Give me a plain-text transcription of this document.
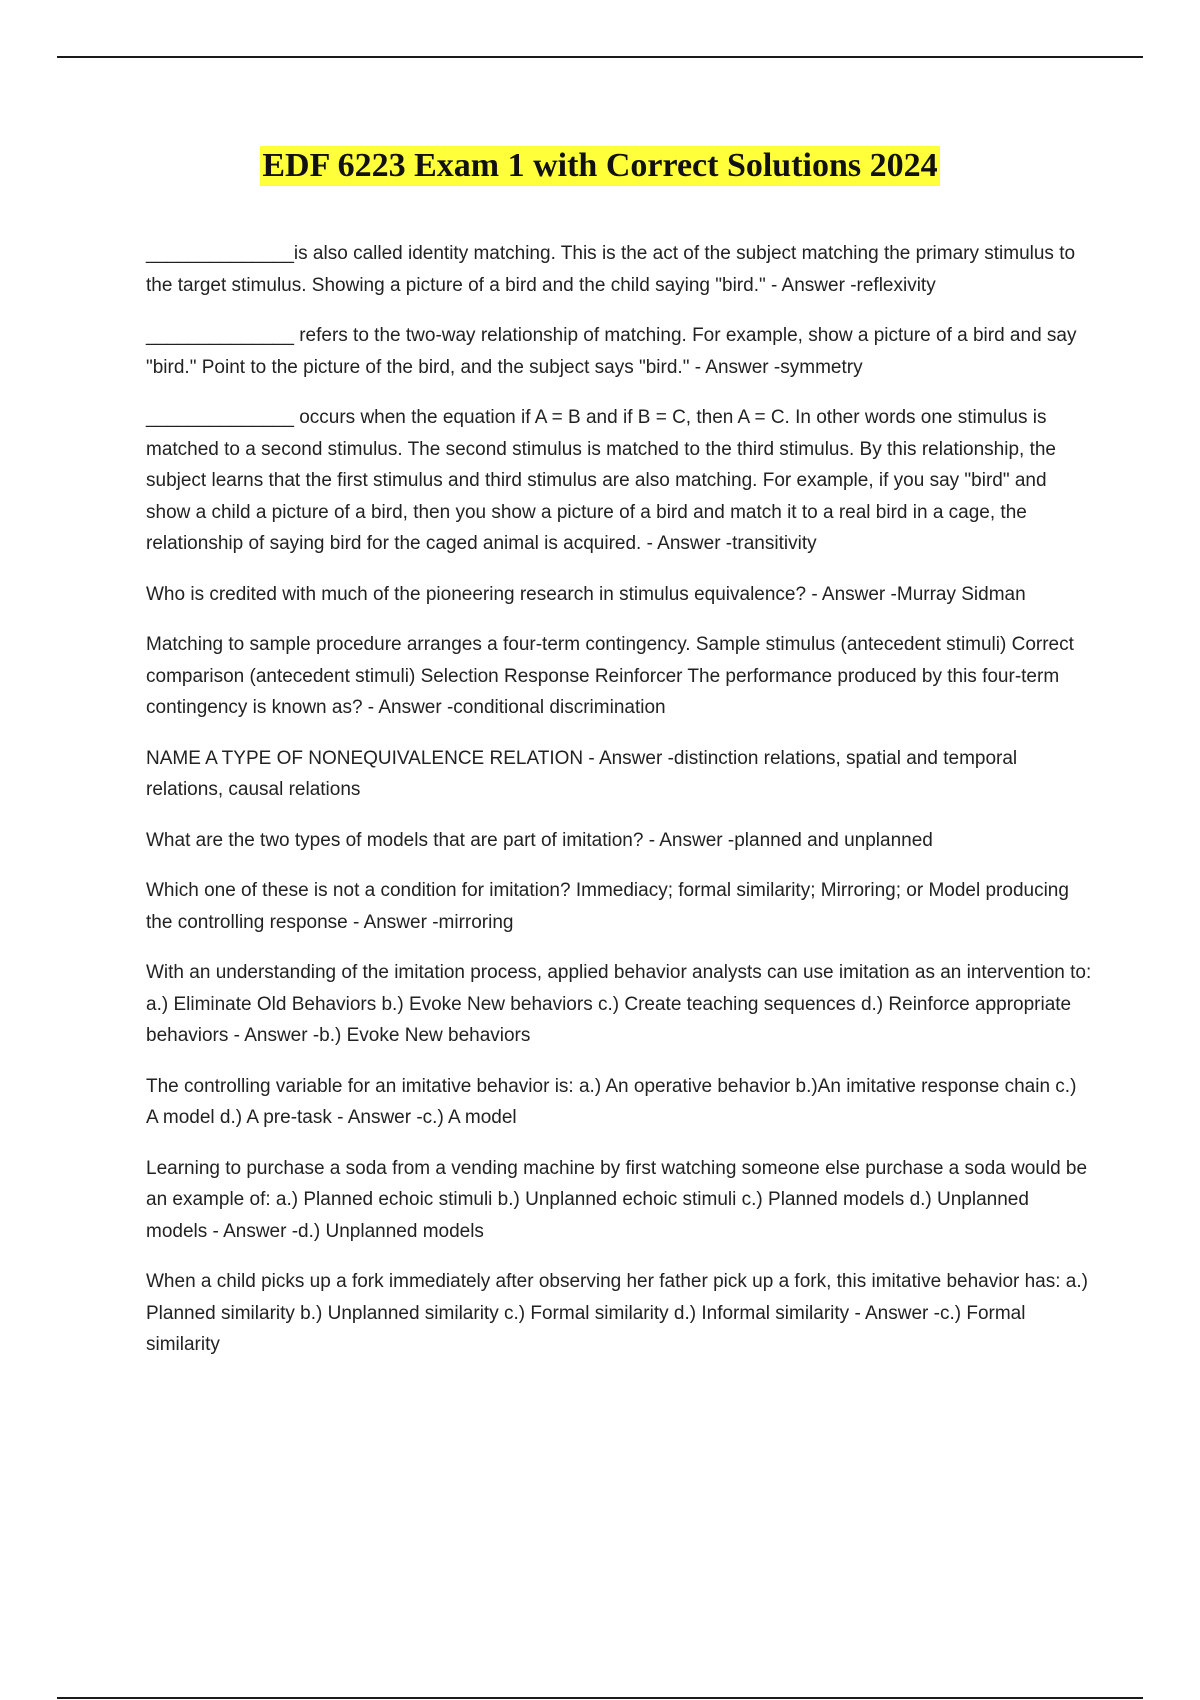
EDF 6223 Exam 1 with Correct Solutions 2024

______________is also called identity matching. This is the act of the subject matching the primary stimulus to the target stimulus. Showing a picture of a bird and the child saying "bird." - Answer -reflexivity

______________ refers to the two-way relationship of matching. For example, show a picture of a bird and say "bird." Point to the picture of the bird, and the subject says "bird." - Answer -symmetry

______________ occurs when the equation if A = B and if B = C, then A = C. In other words one stimulus is matched to a second stimulus. The second stimulus is matched to the third stimulus. By this relationship, the subject learns that the first stimulus and third stimulus are also matching. For example, if you say "bird" and show a child a picture of a bird, then you show a picture of a bird and match it to a real bird in a cage, the relationship of saying bird for the caged animal is acquired. - Answer -transitivity

Who is credited with much of the pioneering research in stimulus equivalence? - Answer -Murray Sidman

Matching to sample procedure arranges a four-term contingency. Sample stimulus (antecedent stimuli) Correct comparison (antecedent stimuli) Selection Response Reinforcer The performance produced by this four-term contingency is known as? - Answer -conditional discrimination

NAME A TYPE OF NONEQUIVALENCE RELATION - Answer -distinction relations, spatial and temporal relations, causal relations

What are the two types of models that are part of imitation? - Answer -planned and unplanned

Which one of these is not a condition for imitation? Immediacy; formal similarity; Mirroring; or Model producing the controlling response - Answer -mirroring

With an understanding of the imitation process, applied behavior analysts can use imitation as an intervention to: a.) Eliminate Old Behaviors b.) Evoke New behaviors c.) Create teaching sequences d.) Reinforce appropriate behaviors - Answer -b.) Evoke New behaviors

The controlling variable for an imitative behavior is: a.) An operative behavior b.)An imitative response chain c.) A model d.) A pre-task - Answer -c.) A model

Learning to purchase a soda from a vending machine by first watching someone else purchase a soda would be an example of: a.) Planned echoic stimuli b.) Unplanned echoic stimuli c.) Planned models d.) Unplanned models - Answer -d.) Unplanned models

When a child picks up a fork immediately after observing her father pick up a fork, this imitative behavior has: a.) Planned similarity b.) Unplanned similarity c.) Formal similarity d.) Informal similarity - Answer -c.) Formal similarity
